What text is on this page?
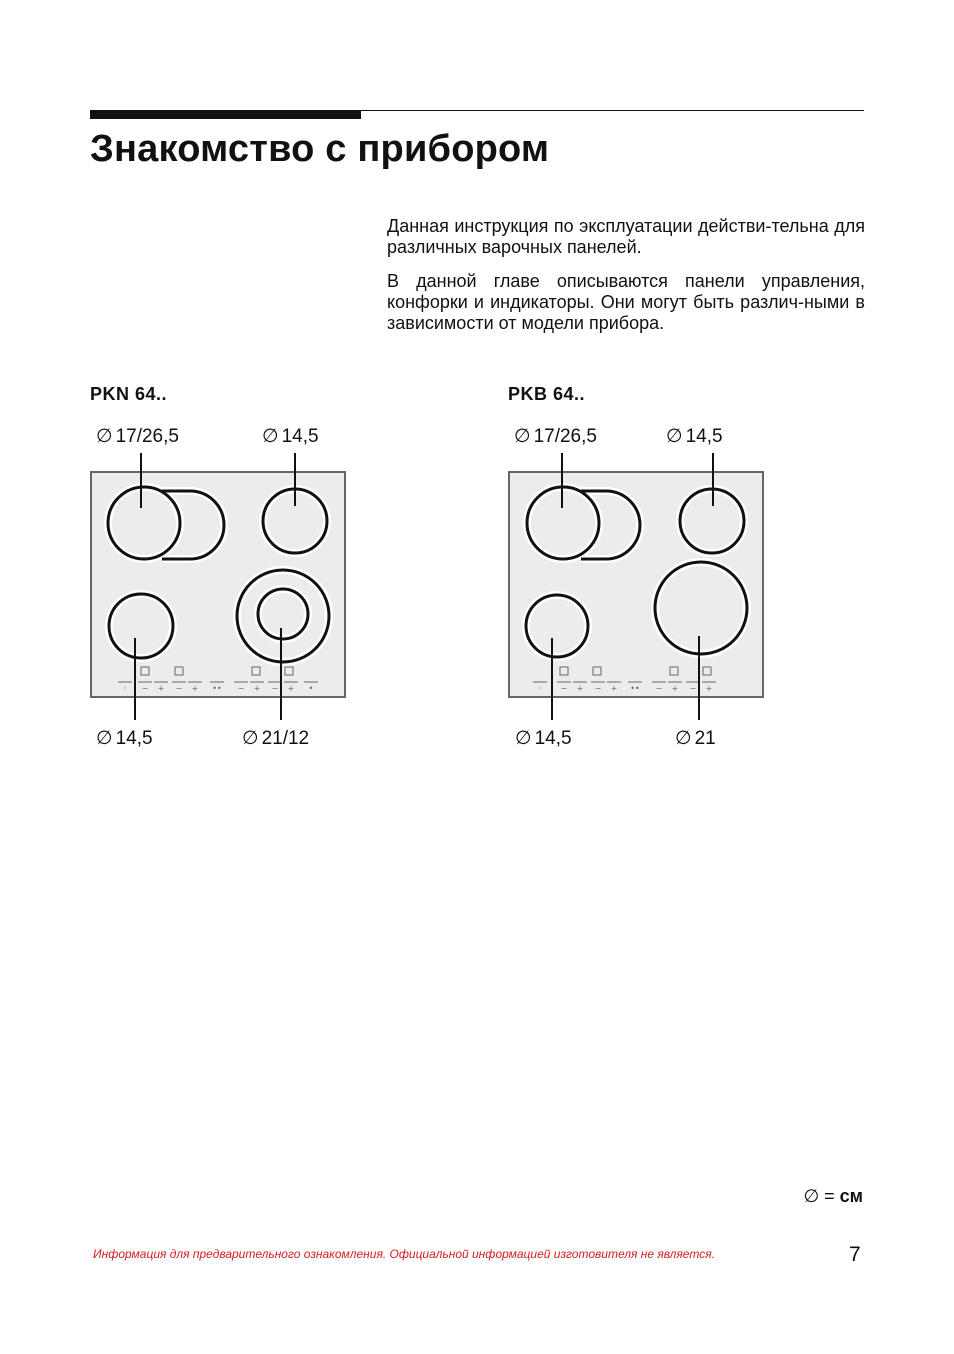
Знакомство с прибором

Данная инструкция по эксплуатации действи-тельна для различных варочных панелей.

В данной главе описываются панели управления, конфорки и индикаторы. Они могут быть различ-ными в зависимости от модели прибора.

PKN 64..
∅ 17/26,5	∅ 14,5
∅ 14,5	∅ 21/12
◦ − + − + •• − + − + •
PKB 64..
∅ 17/26,5	∅ 14,5
∅ 14,5	∅ 21
◦ − + − + •• − + − +
∅ = см
Информация для предварительного ознакомления. Официальной информацией изготовителя не является.	7
